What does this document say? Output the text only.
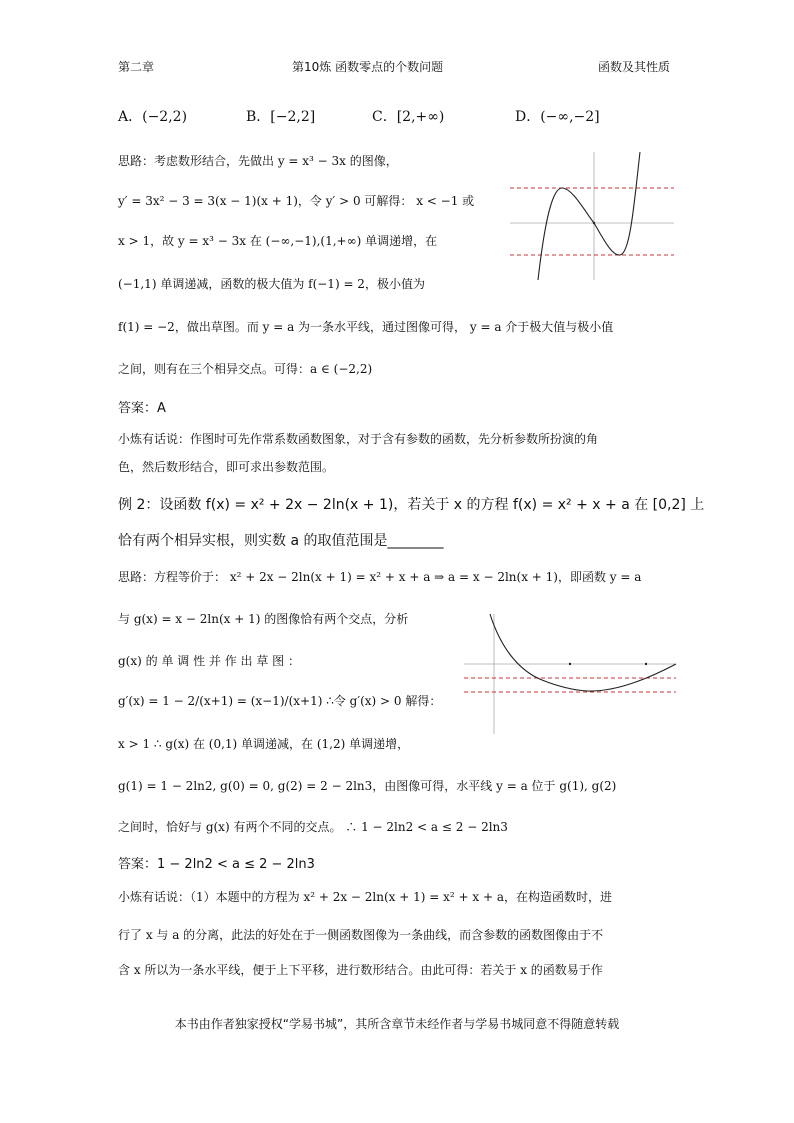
第二章	第10炼 函数零点的个数问题	函数及其性质
A．(−2,2)	B．[−2,2]	C．[2,+∞)	D．(−∞,−2]
思路：考虑数形结合，先做出 y = x³ − 3x 的图像，
y′ = 3x² − 3 = 3(x − 1)(x + 1)，令 y′ > 0 可解得： x < −1 或
x > 1，故 y = x³ − 3x 在 (−∞,−1),(1,+∞) 单调递增，在
(−1,1) 单调递减，函数的极大值为 f(−1) = 2，极小值为
f(1) = −2，做出草图。而 y = a 为一条水平线，通过图像可得， y = a 介于极大值与极小值
之间，则有在三个相异交点。可得：a ∈ (−2,2)
答案：A
小炼有话说：作图时可先作常系数函数图象，对于含有参数的函数，先分析参数所扮演的角
色，然后数形结合，即可求出参数范围。
例 2：设函数 f(x) = x² + 2x − 2ln(x + 1)，若关于 x 的方程 f(x) = x² + x + a 在 [0,2] 上
恰有两个相异实根，则实数 a 的取值范围是________
思路：方程等价于： x² + 2x − 2ln(x + 1) = x² + x + a ⇒ a = x − 2ln(x + 1)，即函数 y = a
与 g(x) = x − 2ln(x + 1) 的图像恰有两个交点，分析
g(x) 的 单 调 性 并 作 出 草 图 ：
g′(x) = 1 − 2/(x+1) = (x−1)/(x+1) ∴令 g′(x) > 0 解得：
x > 1 ∴ g(x) 在 (0,1) 单调递减，在 (1,2) 单调递增，
g(1) = 1 − 2ln2, g(0) = 0, g(2) = 2 − 2ln3，由图像可得，水平线 y = a 位于 g(1), g(2)
之间时，恰好与 g(x) 有两个不同的交点。 ∴ 1 − 2ln2 < a ≤ 2 − 2ln3
答案：1 − 2ln2 < a ≤ 2 − 2ln3
小炼有话说：（1）本题中的方程为 x² + 2x − 2ln(x + 1) = x² + x + a，在构造函数时，进
行了 x 与 a 的分离，此法的好处在于一侧函数图像为一条曲线，而含参数的函数图像由于不
含 x 所以为一条水平线，便于上下平移，进行数形结合。由此可得：若关于 x 的函数易于作
本书由作者独家授权“学易书城”，其所含章节未经作者与学易书城同意不得随意转载
